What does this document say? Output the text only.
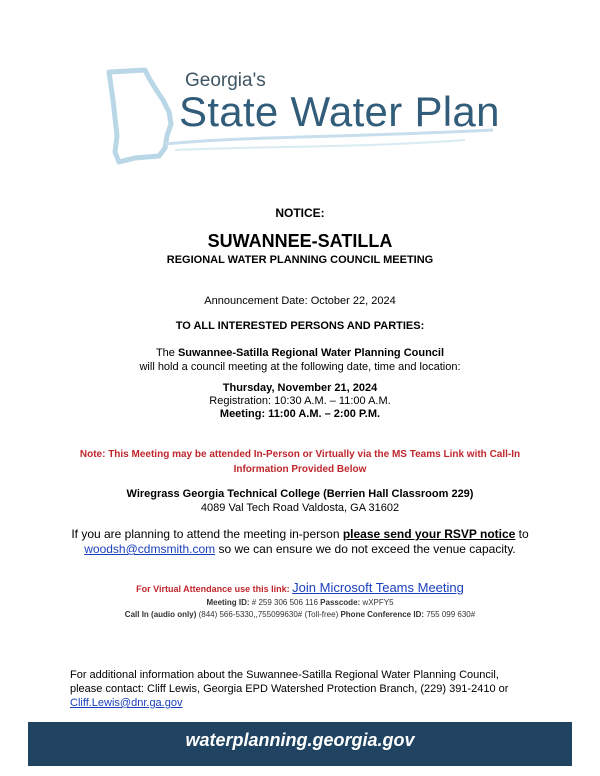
Georgia's
State Water Plan
NOTICE:
SUWANNEE-SATILLA
REGIONAL WATER PLANNING COUNCIL MEETING
Announcement Date: October 22, 2024
TO ALL INTERESTED PERSONS AND PARTIES:
The Suwannee-Satilla Regional Water Planning Council
will hold a council meeting at the following date, time and location:
Thursday, November 21, 2024
Registration: 10:30 A.M. – 11:00 A.M.
Meeting: 11:00 A.M. – 2:00 P.M.
Note: This Meeting may be attended In-Person or Virtually via the MS Teams Link with Call-In
Information Provided Below
Wiregrass Georgia Technical College (Berrien Hall Classroom 229)
4089 Val Tech Road Valdosta, GA 31602
If you are planning to attend the meeting in-person please send your RSVP notice to
woodsh@cdmsmith.com so we can ensure we do not exceed the venue capacity.
For Virtual Attendance use this link: Join Microsoft Teams Meeting
Meeting ID: # 259 306 506 116 Passcode: wXPFY5
Call In (audio only) (844) 566-5330,,755099630# (Toll-free) Phone Conference ID: 755 099 630#
For additional information about the Suwannee-Satilla Regional Water Planning Council,
please contact: Cliff Lewis, Georgia EPD Watershed Protection Branch, (229) 391-2410 or
Cliff.Lewis@dnr.ga.gov
waterplanning.georgia.gov
